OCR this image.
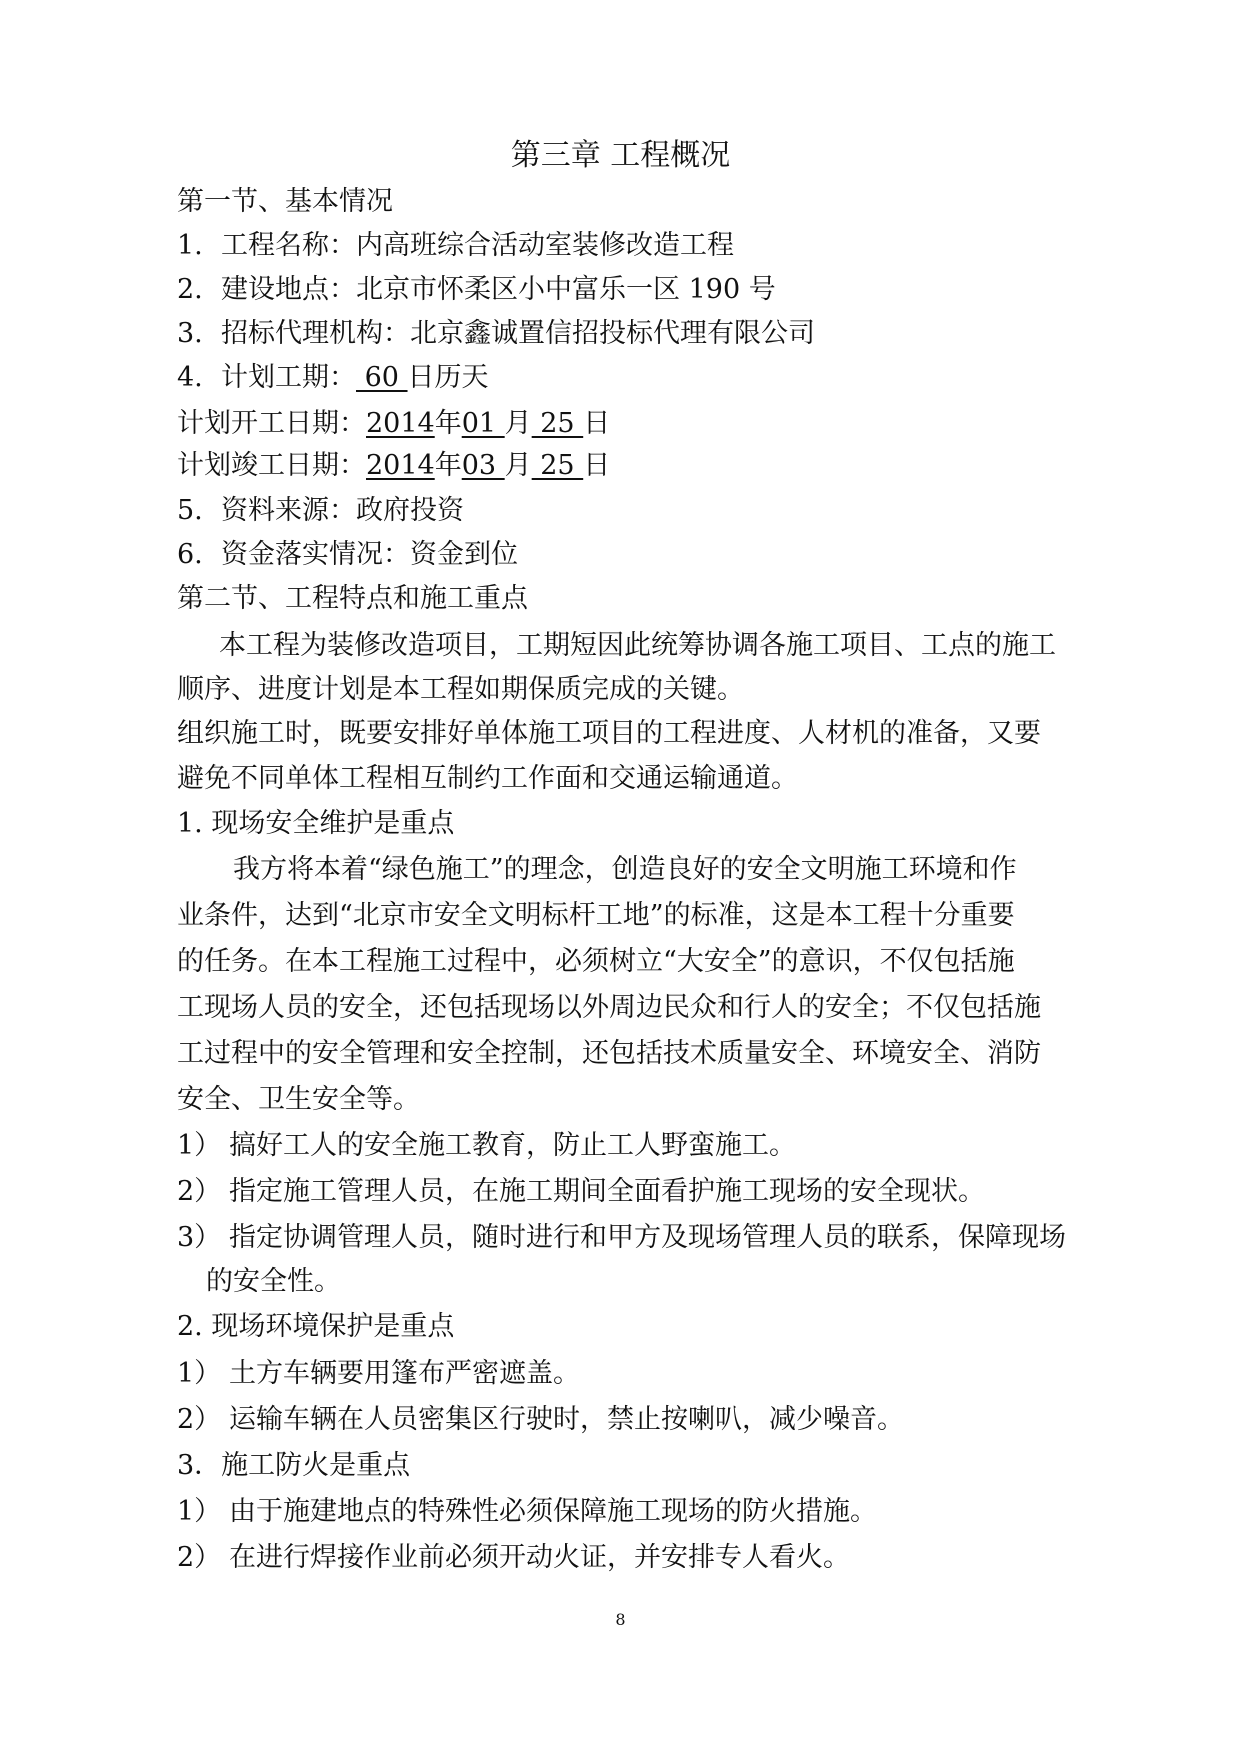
第三章 工程概况
第一节、基本情况
1. 工程名称：内高班综合活动室装修改造工程
2. 建设地点：北京市怀柔区小中富乐一区 190 号
3. 招标代理机构：北京鑫诚置信招投标代理有限公司
4. 计划工期： 60 日历天
计划开工日期：2014年01 月 25 日
计划竣工日期：2014年03 月 25 日
5. 资料来源：政府投资
6. 资金落实情况：资金到位
第二节、工程特点和施工重点
本工程为装修改造项目，工期短因此统筹协调各施工项目、工点的施工
顺序、进度计划是本工程如期保质完成的关键。
组织施工时，既要安排好单体施工项目的工程进度、人材机的准备，又要
避免不同单体工程相互制约工作面和交通运输通道。
1. 现场安全维护是重点
我方将本着“绿色施工”的理念，创造良好的安全文明施工环境和作
业条件，达到“北京市安全文明标杆工地”的标准，这是本工程十分重要
的任务。在本工程施工过程中，必须树立“大安全”的意识，不仅包括施
工现场人员的安全，还包括现场以外周边民众和行人的安全；不仅包括施
工过程中的安全管理和安全控制，还包括技术质量安全、环境安全、消防
安全、卫生安全等。
1） 搞好工人的安全施工教育，防止工人野蛮施工。
2） 指定施工管理人员，在施工期间全面看护施工现场的安全现状。
3） 指定协调管理人员，随时进行和甲方及现场管理人员的联系，保障现场
的安全性。
2. 现场环境保护是重点
1） 土方车辆要用篷布严密遮盖。
2） 运输车辆在人员密集区行驶时，禁止按喇叭，减少噪音。
3．施工防火是重点
1） 由于施建地点的特殊性必须保障施工现场的防火措施。
2） 在进行焊接作业前必须开动火证，并安排专人看火。
8
